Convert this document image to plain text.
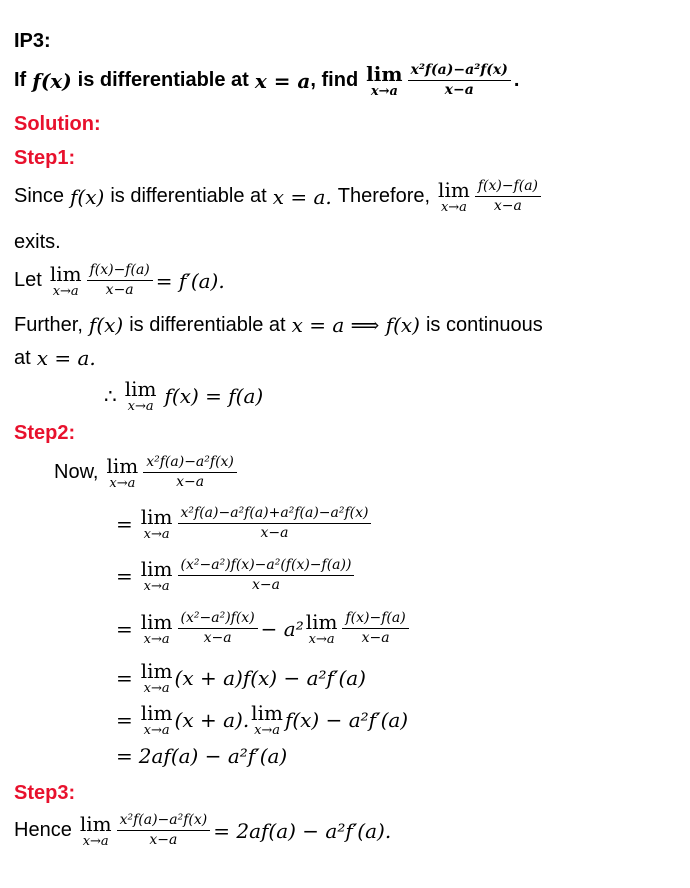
IP3:
If f(x) is differentiable at x = a , find lim
$x\to a \frac{\text{x²f(a)−a²f(x)}}{x-a}$ .
Solution:
Step1:
Since f(x) is differentiable at x = a. Therefore, lim
$x\to a \frac{f(x)-f(a)}{x-a}$
exits.
Let lim
$x\to a \frac{f(x)-f(a)}{x-a} = f'(a)$.
Further, f(x) is differentiable at x = a ⟹ f(x) is continuous
at x = a.
∴ lim
x→a f(x) = f(a)
Step2:
Now, lim
$x\to a \frac{\text{x²f(a)−a²f(x)}}{x-a}$
= lim
$x\to a \frac{\text{x²f(a)−a²f(a)+a²f(a)−a²f(x)}}{x-a}$
= lim
$x\to a \frac{\text{(x²−a²)f(x)−a²(f(x)−f(a))}}{x-a}$
= lim
$x\to a \frac{\text{(x²−a²)f(x)}}{x-a} - a^2$ lim
$x\to a \frac{f(x)-f(a)}{x-a}$
= lim
x→a (x + a)f(x) − a²f′(a)
= lim
x→a (x + a). lim
x→a f(x) − a²f′(a)
= 2af(a) − a²f′(a)
Step3:
Hence lim
$x\to a \frac{\text{x²f(a)−a²f(x)}}{x-a} = 2af(a) - a^2f'(a)$.
